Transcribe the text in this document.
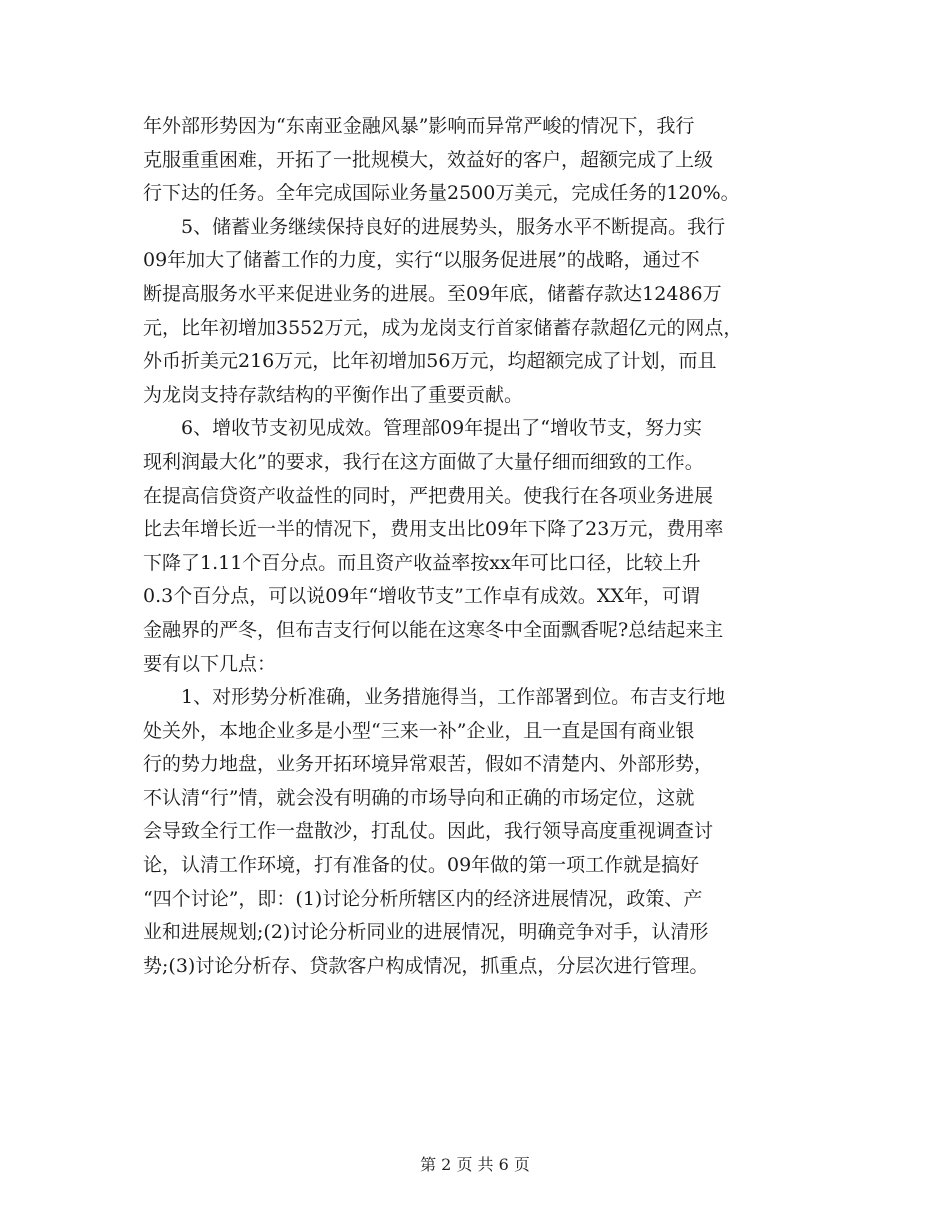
年外部形势因为“东南亚金融风暴”影响而异常严峻的情况下，我行
克服重重困难，开拓了一批规模大，效益好的客户，超额完成了上级
行下达的任务。全年完成国际业务量2500万美元，完成任务的120%。
　　5、储蓄业务继续保持良好的进展势头，服务水平不断提高。我行
09年加大了储蓄工作的力度，实行“以服务促进展”的战略，通过不
断提高服务水平来促进业务的进展。至09年底，储蓄存款达12486万
元，比年初增加3552万元，成为龙岗支行首家储蓄存款超亿元的网点，
外币折美元216万元，比年初增加56万元，均超额完成了计划，而且
为龙岗支持存款结构的平衡作出了重要贡献。
　　6、增收节支初见成效。管理部09年提出了“增收节支，努力实
现利润最大化”的要求，我行在这方面做了大量仔细而细致的工作。
在提高信贷资产收益性的同时，严把费用关。使我行在各项业务进展
比去年增长近一半的情况下，费用支出比09年下降了23万元，费用率
下降了1.11个百分点。而且资产收益率按xx年可比口径，比较上升
0.3个百分点，可以说09年“增收节支”工作卓有成效。XX年，可谓
金融界的严冬，但布吉支行何以能在这寒冬中全面飘香呢?总结起来主
要有以下几点：
　　1、对形势分析准确，业务措施得当，工作部署到位。布吉支行地
处关外，本地企业多是小型“三来一补”企业，且一直是国有商业银
行的势力地盘，业务开拓环境异常艰苦，假如不清楚内、外部形势，
不认清“行”情，就会没有明确的市场导向和正确的市场定位，这就
会导致全行工作一盘散沙，打乱仗。因此，我行领导高度重视调查讨
论，认清工作环境，打有准备的仗。09年做的第一项工作就是搞好
“四个讨论”，即：(1)讨论分析所辖区内的经济进展情况，政策、产
业和进展规划;(2)讨论分析同业的进展情况，明确竞争对手，认清形
势;(3)讨论分析存、贷款客户构成情况，抓重点，分层次进行管理。
第 2 页 共 6 页
